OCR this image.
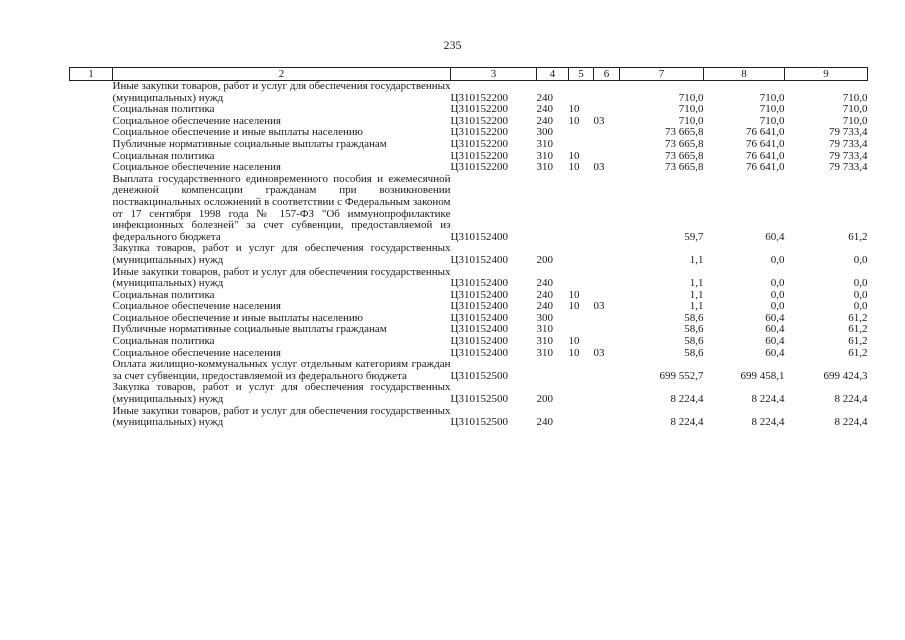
235
1	2	3	4	5	6	7	8	9
	Иные закупки товаров, работ и услуг для обеспечения государственных (муниципальных) нужд	Ц310152200	240			710,0	710,0	710,0
	Социальная политика	Ц310152200	240	10		710,0	710,0	710,0
	Социальное обеспечение населения	Ц310152200	240	10	03	710,0	710,0	710,0
	Социальное обеспечение и иные выплаты населению	Ц310152200	300			73 665,8	76 641,0	79 733,4
	Публичные нормативные социальные выплаты гражданам	Ц310152200	310			73 665,8	76 641,0	79 733,4
	Социальная политика	Ц310152200	310	10		73 665,8	76 641,0	79 733,4
	Социальное обеспечение населения	Ц310152200	310	10	03	73 665,8	76 641,0	79 733,4
	Выплата государственного единовременного пособия и ежемесячной денежной компенсации гражданам при возникновении поствакцинальных осложнений в соответствии с Федеральным законом от 17 сентября 1998 года № 157-ФЗ "Об иммунопрофилактике инфекционных болезней" за счет субвенции, предоставляемой из федерального бюджета	Ц310152400				59,7	60,4	61,2
	Закупка товаров, работ и услуг для обеспечения государственных (муниципальных) нужд	Ц310152400	200			1,1	0,0	0,0
	Иные закупки товаров, работ и услуг для обеспечения государственных (муниципальных) нужд	Ц310152400	240			1,1	0,0	0,0
	Социальная политика	Ц310152400	240	10		1,1	0,0	0,0
	Социальное обеспечение населения	Ц310152400	240	10	03	1,1	0,0	0,0
	Социальное обеспечение и иные выплаты населению	Ц310152400	300			58,6	60,4	61,2
	Публичные нормативные социальные выплаты гражданам	Ц310152400	310			58,6	60,4	61,2
	Социальная политика	Ц310152400	310	10		58,6	60,4	61,2
	Социальное обеспечение населения	Ц310152400	310	10	03	58,6	60,4	61,2
	Оплата жилищно-коммунальных услуг отдельным категориям граждан за счет субвенции, предоставляемой из федерального бюджета	Ц310152500				699 552,7	699 458,1	699 424,3
	Закупка товаров, работ и услуг для обеспечения государственных (муниципальных) нужд	Ц310152500	200			8 224,4	8 224,4	8 224,4
	Иные закупки товаров, работ и услуг для обеспечения государственных (муниципальных) нужд	Ц310152500	240			8 224,4	8 224,4	8 224,4
